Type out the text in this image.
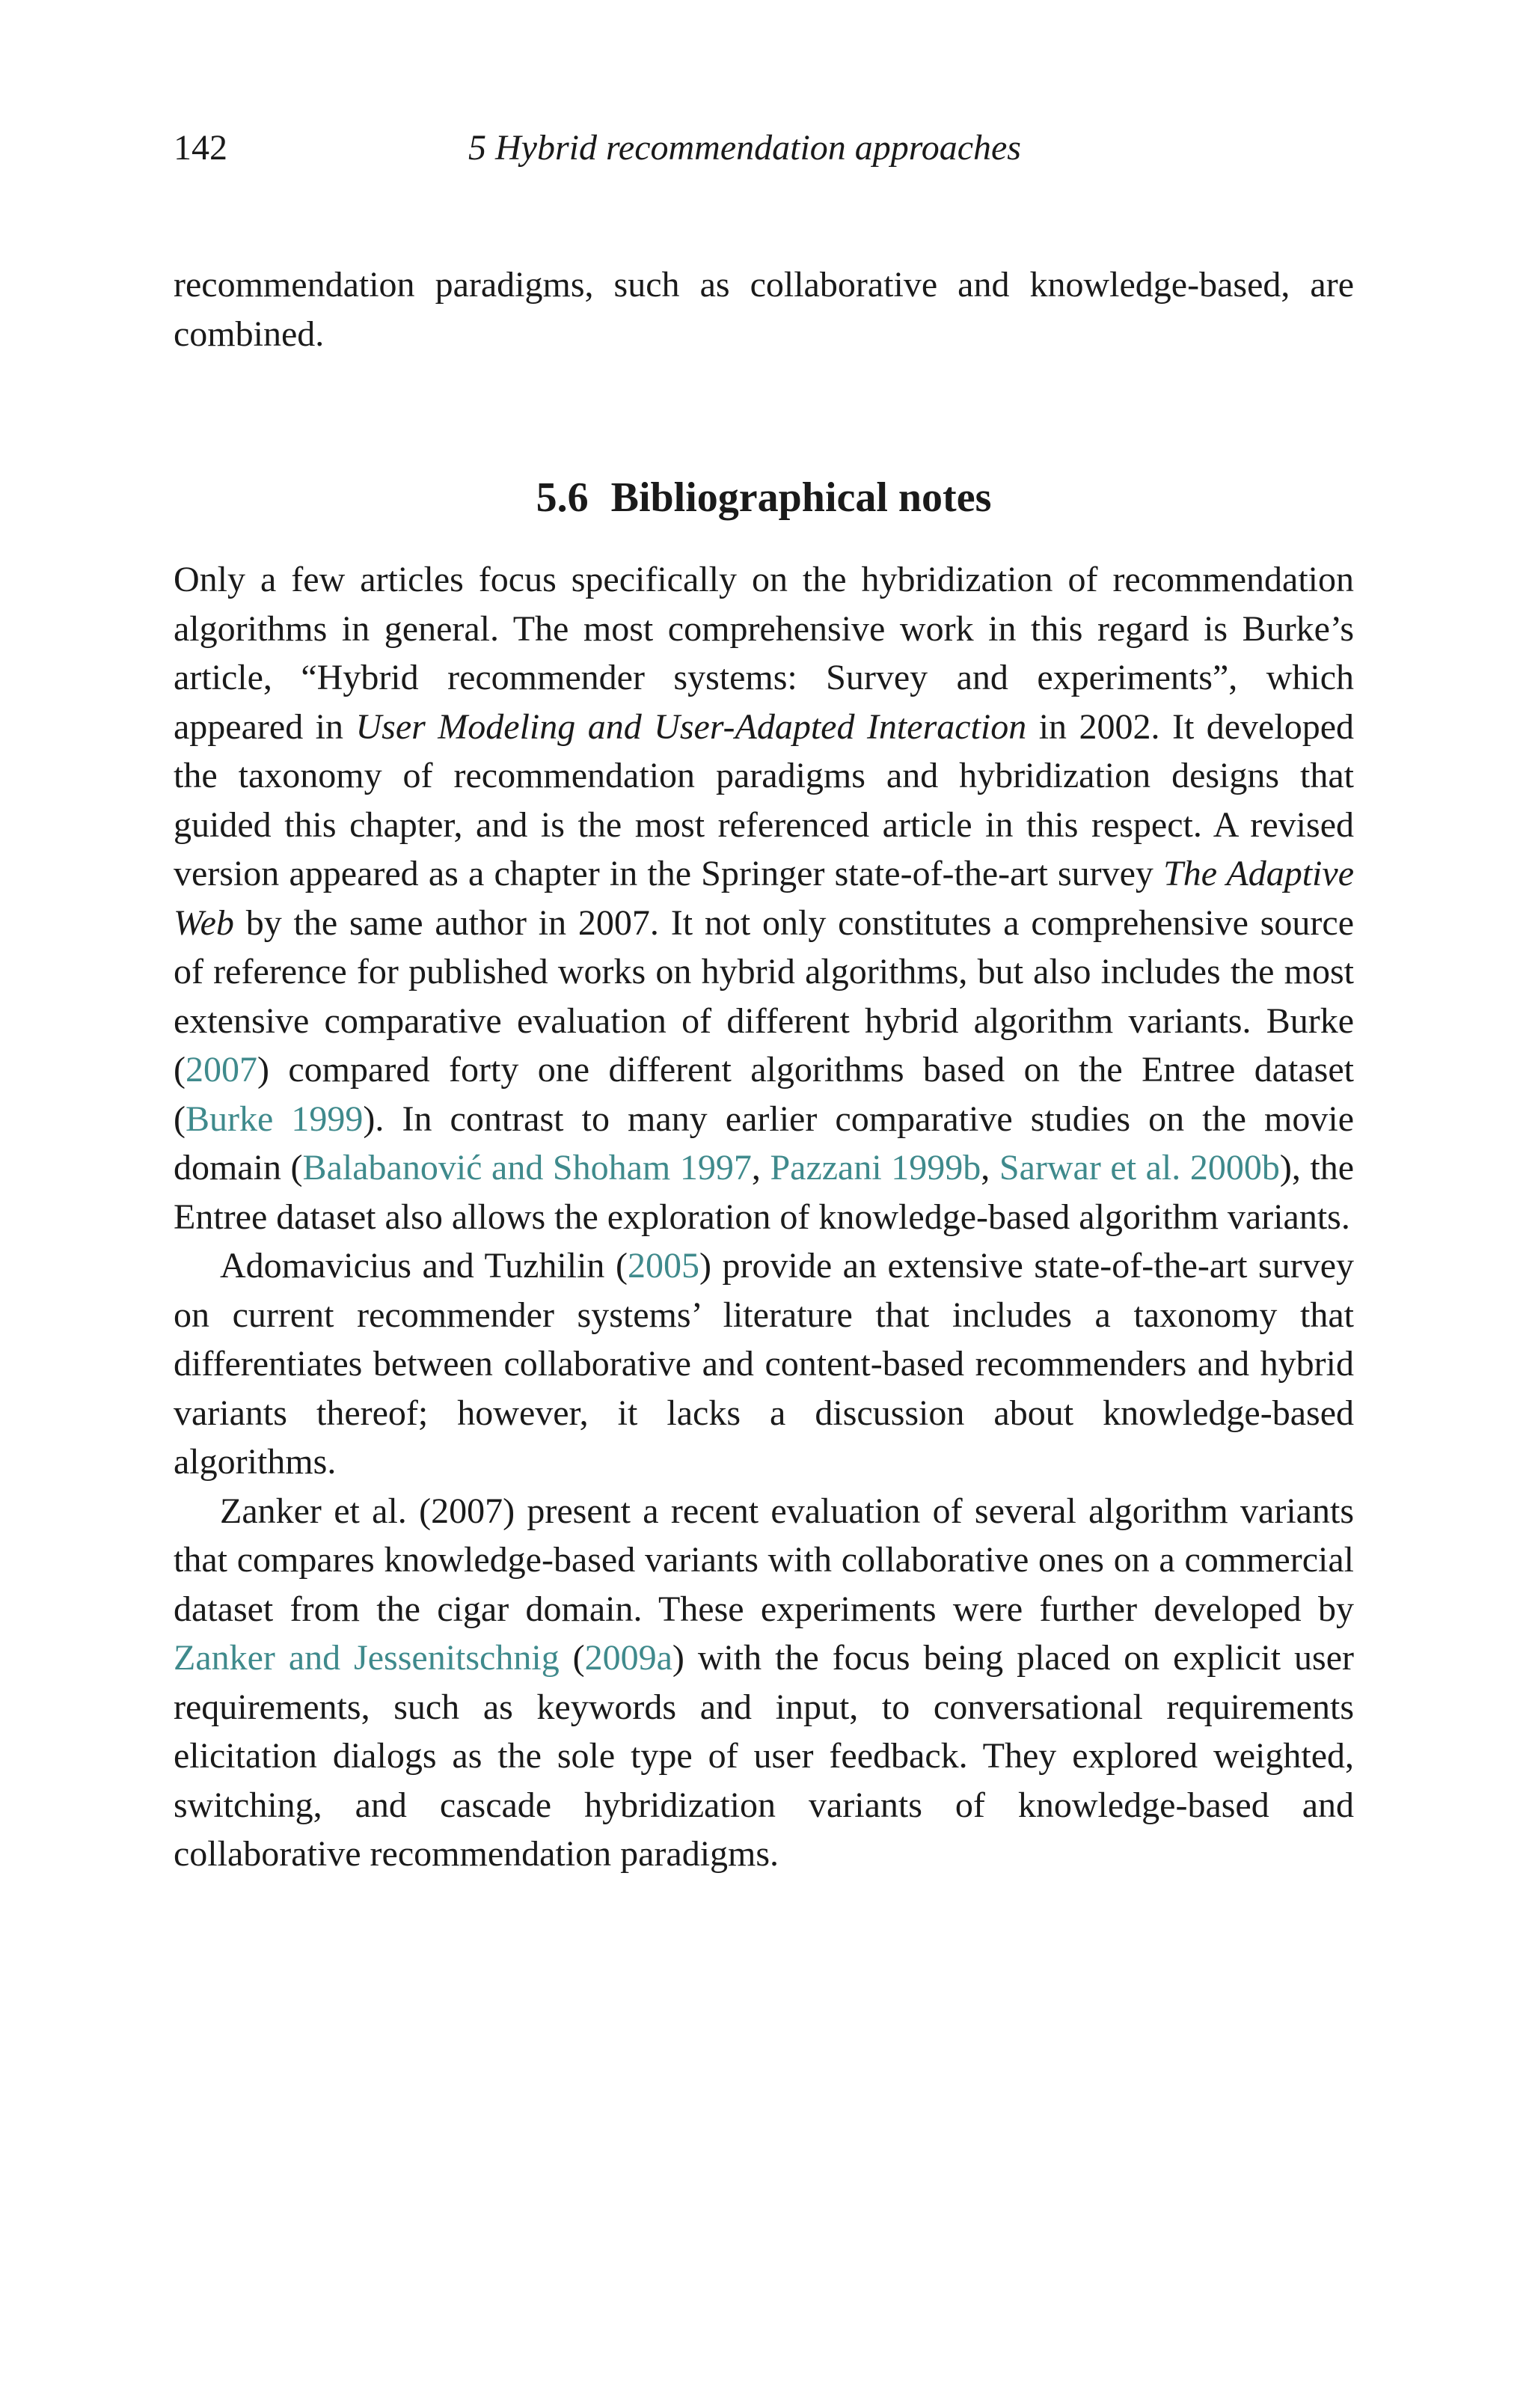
142	5 Hybrid recommendation approaches

recommendation paradigms, such as collaborative and knowledge-based, are combined.

5.6 Bibliographical notes

Only a few articles focus specifically on the hybridization of recommendation algorithms in general. The most comprehensive work in this regard is Burke’s article, “Hybrid recommender systems: Survey and experiments”, which appeared in User Modeling and User-Adapted Interaction in 2002. It developed the taxonomy of recommendation paradigms and hybridization designs that guided this chapter, and is the most referenced article in this respect. A revised version appeared as a chapter in the Springer state-of-the-art survey The Adaptive Web by the same author in 2007. It not only constitutes a comprehensive source of reference for published works on hybrid algorithms, but also includes the most extensive comparative evaluation of different hybrid algorithm variants. Burke (2007) compared forty one different algorithms based on the Entree dataset (Burke 1999). In contrast to many earlier comparative studies on the movie domain (Balabanović and Shoham 1997, Pazzani 1999b, Sarwar et al. 2000b), the Entree dataset also allows the exploration of knowledge-based algorithm variants.

Adomavicius and Tuzhilin (2005) provide an extensive state-of-the-art survey on current recommender systems’ literature that includes a taxonomy that differentiates between collaborative and content-based recommenders and hybrid variants thereof; however, it lacks a discussion about knowledge-based algorithms.

Zanker et al. (2007) present a recent evaluation of several algorithm variants that compares knowledge-based variants with collaborative ones on a commercial dataset from the cigar domain. These experiments were further developed by Zanker and Jessenitschnig (2009a) with the focus being placed on explicit user requirements, such as keywords and input, to conversational requirements elicitation dialogs as the sole type of user feedback. They explored weighted, switching, and cascade hybridization variants of knowledge-based and collaborative recommendation paradigms.
